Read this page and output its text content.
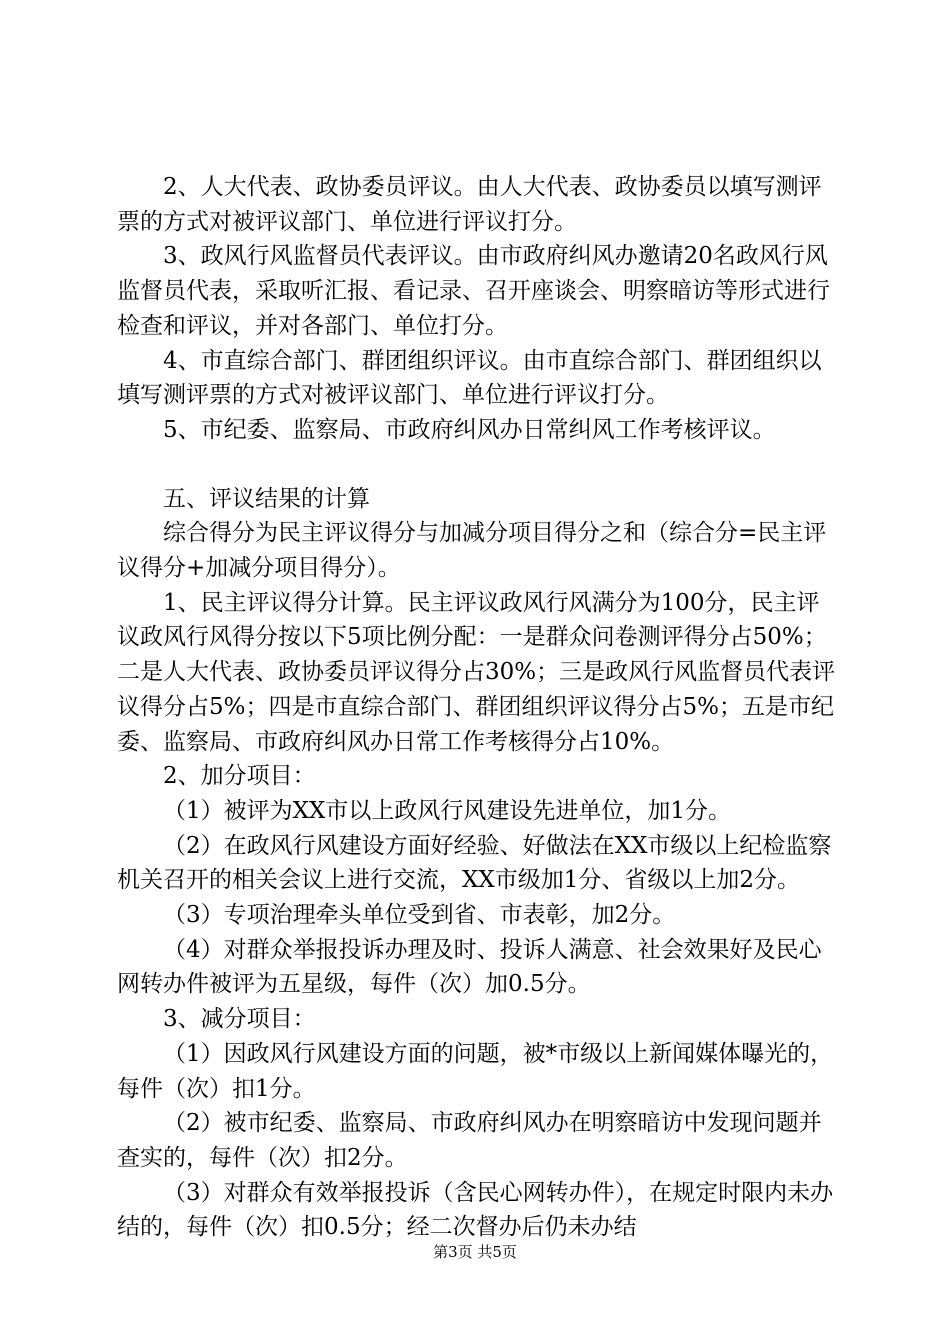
2、人大代表、政协委员评议。由人大代表、政协委员以填写测评票的方式对被评议部门、单位进行评议打分。

3、政风行风监督员代表评议。由市政府纠风办邀请20名政风行风监督员代表，采取听汇报、看记录、召开座谈会、明察暗访等形式进行检查和评议，并对各部门、单位打分。

4、市直综合部门、群团组织评议。由市直综合部门、群团组织以填写测评票的方式对被评议部门、单位进行评议打分。

5、市纪委、监察局、市政府纠风办日常纠风工作考核评议。

五、评议结果的计算

综合得分为民主评议得分与加减分项目得分之和（综合分=民主评议得分+加减分项目得分）。

1、民主评议得分计算。民主评议政风行风满分为100分，民主评议政风行风得分按以下5项比例分配：一是群众问卷测评得分占50%；二是人大代表、政协委员评议得分占30%；三是政风行风监督员代表评议得分占5%；四是市直综合部门、群团组织评议得分占5%；五是市纪委、监察局、市政府纠风办日常工作考核得分占10%。

2、加分项目：

（1）被评为XX市以上政风行风建设先进单位，加1分。

（2）在政风行风建设方面好经验、好做法在XX市级以上纪检监察机关召开的相关会议上进行交流，XX市级加1分、省级以上加2分。

（3）专项治理牵头单位受到省、市表彰，加2分。

（4）对群众举报投诉办理及时、投诉人满意、社会效果好及民心网转办件被评为五星级，每件（次）加0.5分。

3、减分项目：

（1）因政风行风建设方面的问题，被*市级以上新闻媒体曝光的，每件（次）扣1分。

（2）被市纪委、监察局、市政府纠风办在明察暗访中发现问题并查实的，每件（次）扣2分。

（3）对群众有效举报投诉（含民心网转办件），在规定时限内未办结的，每件（次）扣0.5分；经二次督办后仍未办结

第3页 共5页
